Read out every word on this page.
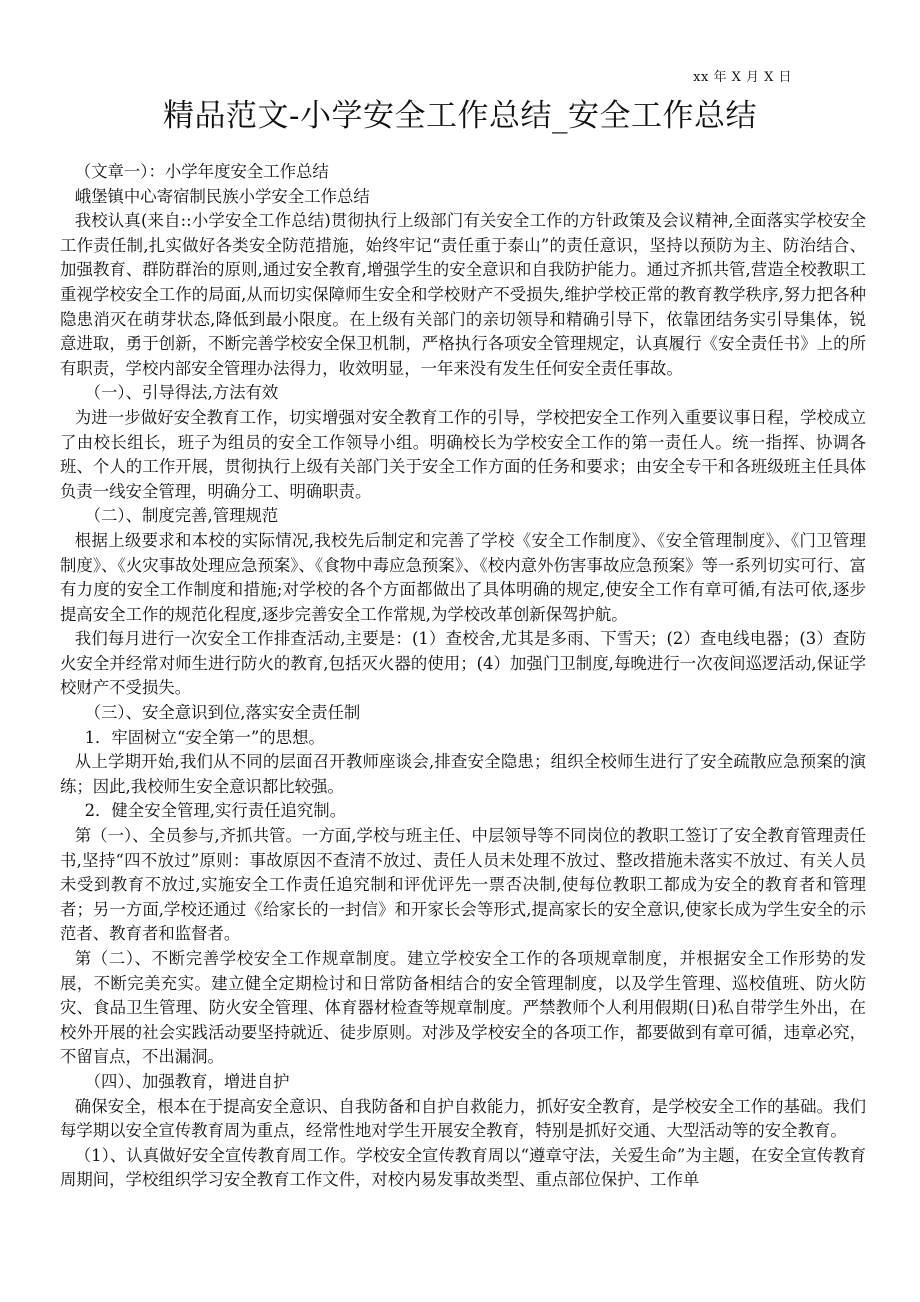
xx 年 X 月 X 日
精品范文-小学安全工作总结_安全工作总结

（文章一）：小学年度安全工作总结

峨堡镇中心寄宿制民族小学安全工作总结

我校认真(来自::小学安全工作总结)贯彻执行上级部门有关安全工作的方针政策及会议精神,全面落实学校安全工作责任制,扎实做好各类安全防范措施，始终牢记“责任重于泰山”的责任意识，坚持以预防为主、防治结合、加强教育、群防群治的原则,通过安全教育,增强学生的安全意识和自我防护能力。通过齐抓共管,营造全校教职工重视学校安全工作的局面,从而切实保障师生安全和学校财产不受损失,维护学校正常的教育教学秩序,努力把各种隐患消灭在萌芽状态,降低到最小限度。在上级有关部门的亲切领导和精确引导下，依靠团结务实引导集体，锐意进取，勇于创新，不断完善学校安全保卫机制，严格执行各项安全管理规定，认真履行《安全责任书》上的所有职责，学校内部安全管理办法得力，收效明显，一年来没有发生任何安全责任事故。

（一）、引导得法,方法有效

为进一步做好安全教育工作，切实增强对安全教育工作的引导，学校把安全工作列入重要议事日程，学校成立了由校长组长，班子为组员的安全工作领导小组。明确校长为学校安全工作的第一责任人。统一指挥、协调各班、个人的工作开展，贯彻执行上级有关部门关于安全工作方面的任务和要求；由安全专干和各班级班主任具体负责一线安全管理，明确分工、明确职责。

（二）、制度完善,管理规范

根据上级要求和本校的实际情况,我校先后制定和完善了学校《安全工作制度》、《安全管理制度》、《门卫管理制度》、《火灾事故处理应急预案》、《食物中毒应急预案》、《校内意外伤害事故应急预案》等一系列切实可行、富有力度的安全工作制度和措施;对学校的各个方面都做出了具体明确的规定,使安全工作有章可循,有法可依,逐步提高安全工作的规范化程度,逐步完善安全工作常规,为学校改革创新保驾护航。

我们每月进行一次安全工作排查活动,主要是：(1）查校舍,尤其是多雨、下雪天；(2）查电线电器；(3）查防火安全并经常对师生进行防火的教育,包括灭火器的使用；(4）加强门卫制度,每晚进行一次夜间巡逻活动,保证学校财产不受损失。

（三）、安全意识到位,落实安全责任制

1．牢固树立“安全第一”的思想。

从上学期开始,我们从不同的层面召开教师座谈会,排查安全隐患；组织全校师生进行了安全疏散应急预案的演练；因此,我校师生安全意识都比较强。

2．健全安全管理,实行责任追究制。

第（一）、全员参与,齐抓共管。一方面,学校与班主任、中层领导等不同岗位的教职工签订了安全教育管理责任书,坚持“四不放过”原则：事故原因不查清不放过、责任人员未处理不放过、整改措施未落实不放过、有关人员未受到教育不放过,实施安全工作责任追究制和评优评先一票否决制,使每位教职工都成为安全的教育者和管理者；另一方面,学校还通过《给家长的一封信》和开家长会等形式,提高家长的安全意识,使家长成为学生安全的示范者、教育者和监督者。

第（二）、不断完善学校安全工作规章制度。建立学校安全工作的各项规章制度，并根据安全工作形势的发展，不断完美充实。建立健全定期检讨和日常防备相结合的安全管理制度，以及学生管理、巡校值班、防火防灾、食品卫生管理、防火安全管理、体育器材检查等规章制度。严禁教师个人利用假期(日)私自带学生外出，在校外开展的社会实践活动要坚持就近、徒步原则。对涉及学校安全的各项工作，都要做到有章可循，违章必究，不留盲点，不出漏洞。

（四）、加强教育，增进自护

确保安全，根本在于提高安全意识、自我防备和自护自救能力，抓好安全教育，是学校安全工作的基础。我们每学期以安全宣传教育周为重点，经常性地对学生开展安全教育，特别是抓好交通、大型活动等的安全教育。

（1）、认真做好安全宣传教育周工作。学校安全宣传教育周以“遵章守法，关爱生命”为主题，在安全宣传教育周期间，学校组织学习安全教育工作文件，对校内易发事故类型、重点部位保护、工作单
